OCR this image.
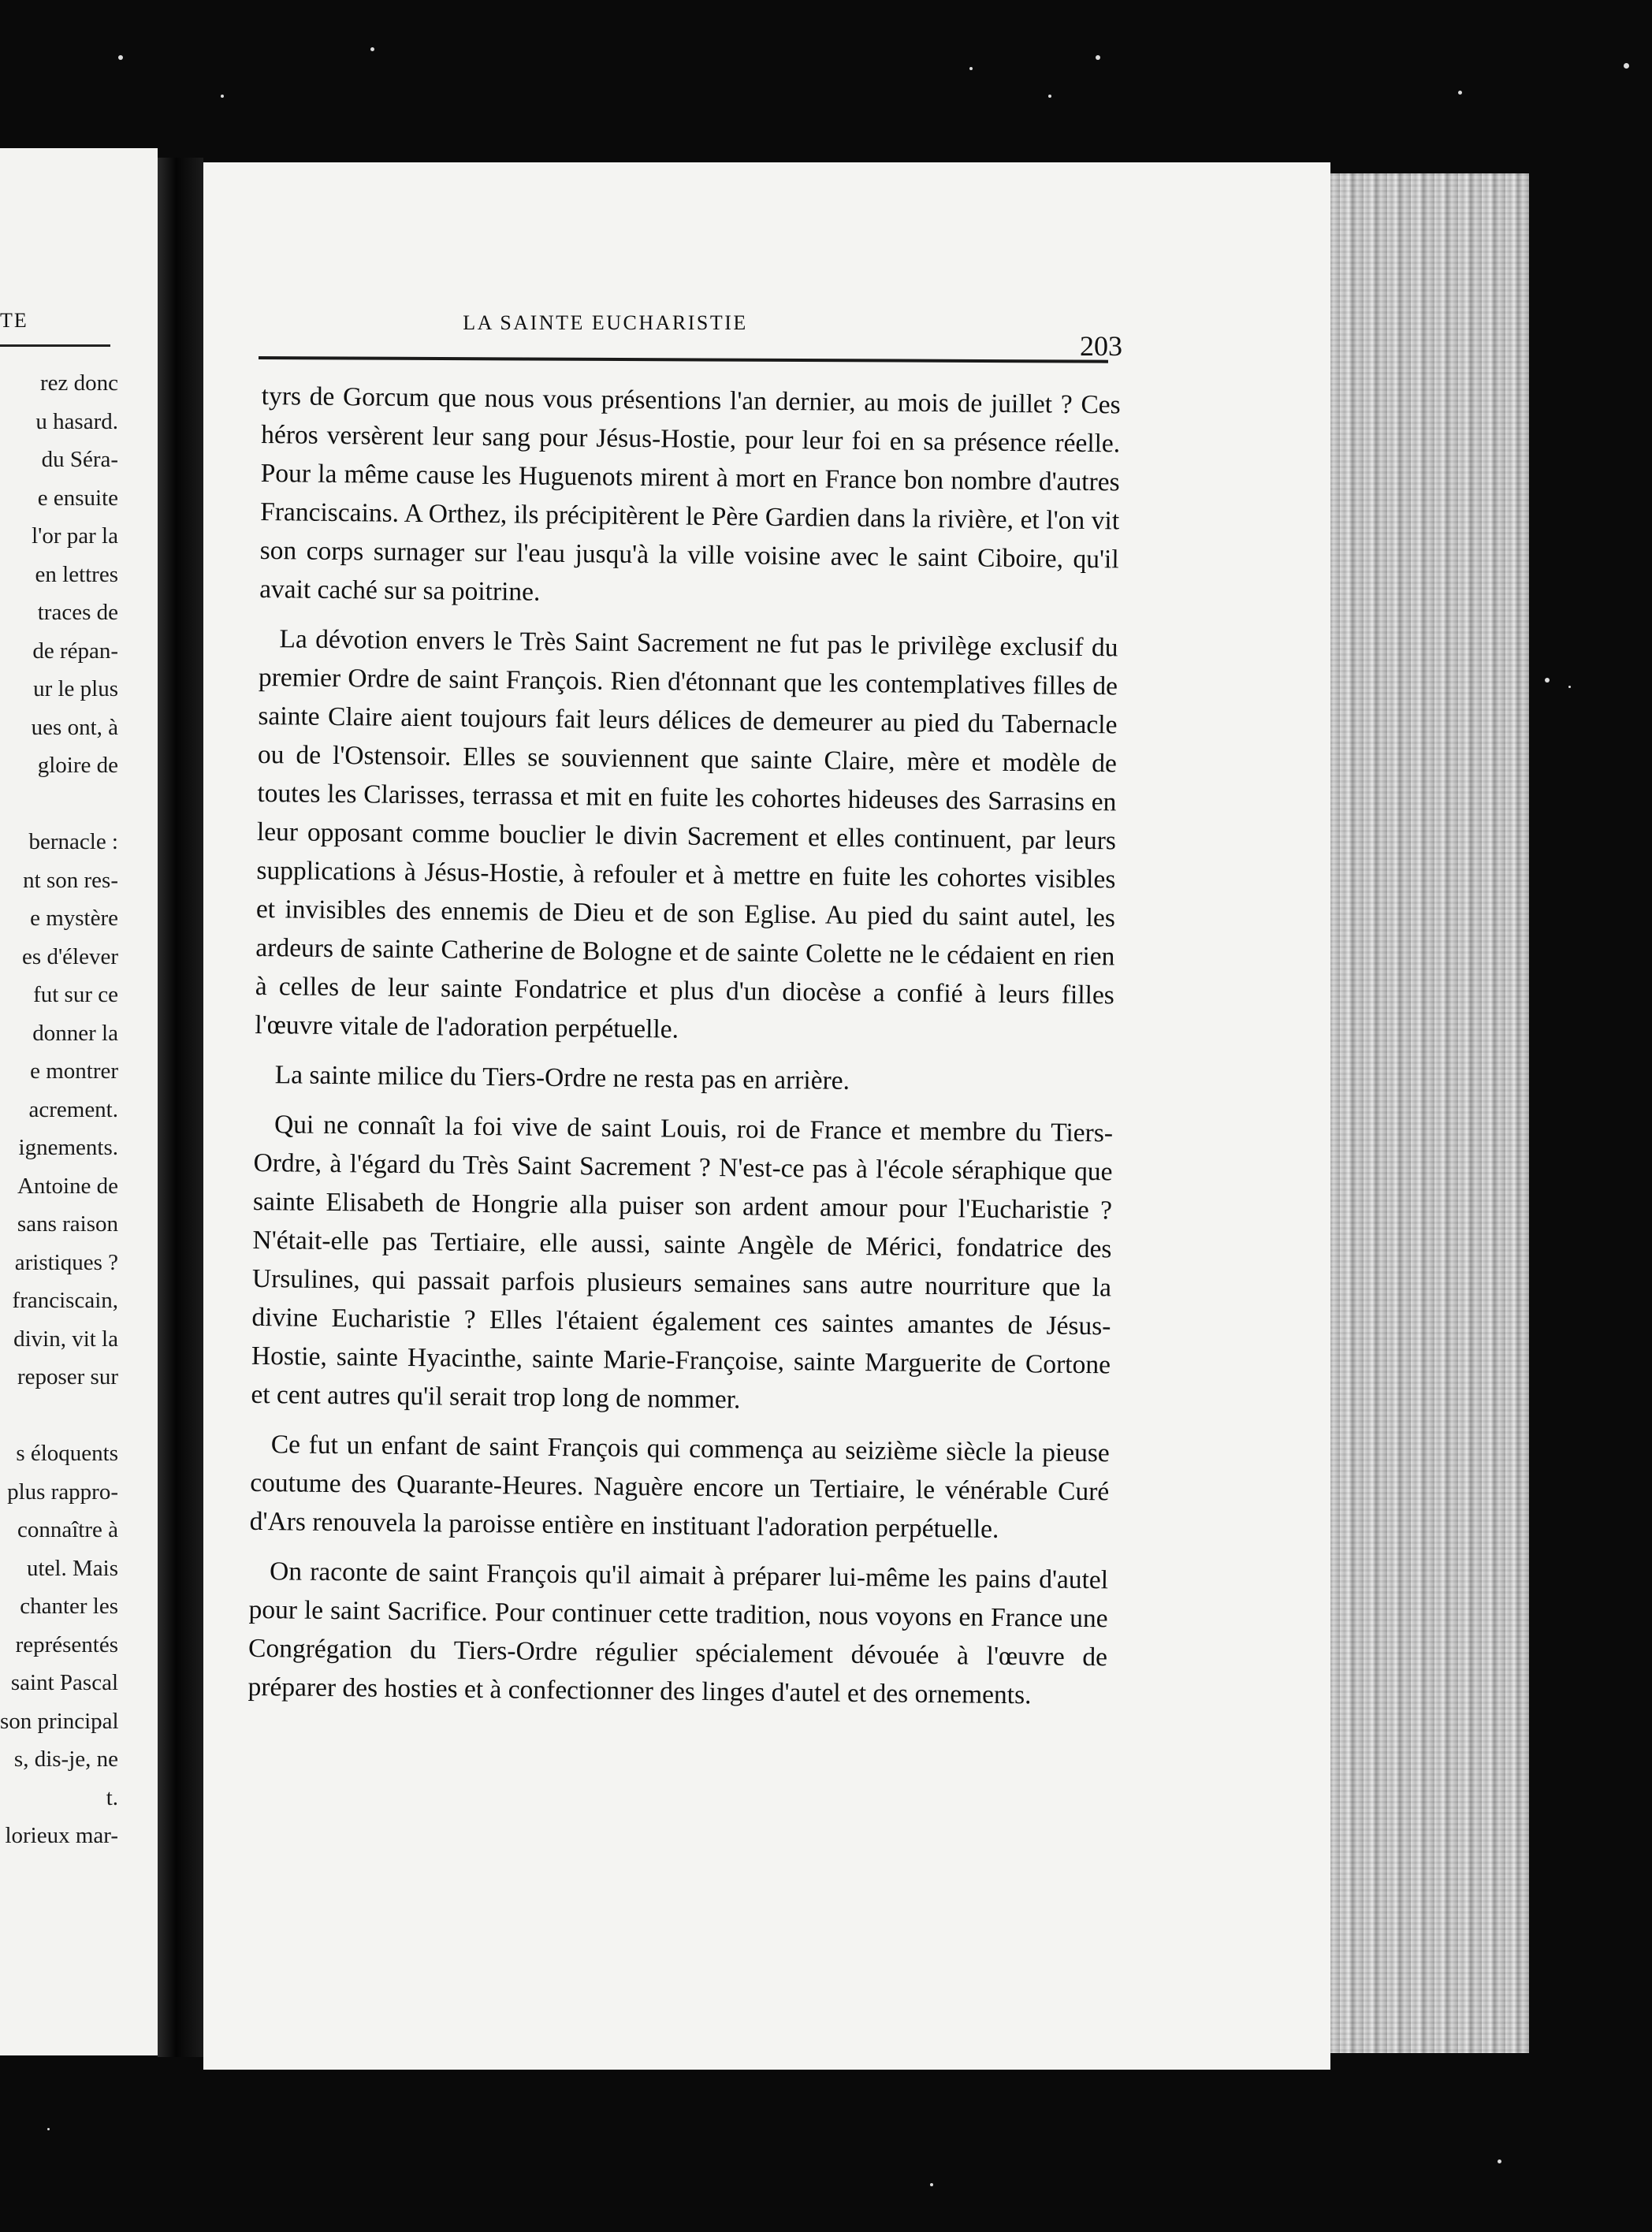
TE
rez donc
u hasard.
du Séra-
e ensuite
l'or par la
en lettres
traces de
de répan-
ur le plus
ues ont, à
gloire de
bernacle :
nt son res-
e mystère
es d'élever
fut sur ce
donner la
e montrer
acrement.
ignements.
Antoine de
sans raison
aristiques ?
franciscain,
divin, vit la
reposer sur
s éloquents
plus rappro-
connaître à
utel. Mais
chanter les
représentés
saint Pascal
son principal
s, dis-je, ne
t.
lorieux mar-
LA SAINTE EUCHARISTIE
203

tyrs de Gorcum que nous vous présentions l'an dernier, au mois de juillet ? Ces héros versèrent leur sang pour Jésus-Hostie, pour leur foi en sa présence réelle. Pour la même cause les Huguenots mirent à mort en France bon nombre d'autres Franciscains. A Orthez, ils précipitèrent le Père Gardien dans la rivière, et l'on vit son corps surnager sur l'eau jusqu'à la ville voisine avec le saint Ciboire, qu'il avait caché sur sa poitrine.

La dévotion envers le Très Saint Sacrement ne fut pas le privilège exclusif du premier Ordre de saint François. Rien d'étonnant que les contemplatives filles de sainte Claire aient toujours fait leurs délices de demeurer au pied du Tabernacle ou de l'Ostensoir. Elles se souviennent que sainte Claire, mère et modèle de toutes les Clarisses, terrassa et mit en fuite les cohortes hideuses des Sarrasins en leur opposant comme bouclier le divin Sacrement et elles continuent, par leurs supplications à Jésus-Hostie, à refouler et à mettre en fuite les cohortes visibles et invisibles des ennemis de Dieu et de son Eglise. Au pied du saint autel, les ardeurs de sainte Catherine de Bologne et de sainte Colette ne le cédaient en rien à celles de leur sainte Fondatrice et plus d'un diocèse a confié à leurs filles l'œuvre vitale de l'adoration perpétuelle.

La sainte milice du Tiers-Ordre ne resta pas en arrière.

Qui ne connaît la foi vive de saint Louis, roi de France et membre du Tiers-Ordre, à l'égard du Très Saint Sacrement ? N'est-ce pas à l'école séraphique que sainte Elisabeth de Hongrie alla puiser son ardent amour pour l'Eucharistie ? N'était-elle pas Tertiaire, elle aussi, sainte Angèle de Mérici, fondatrice des Ursulines, qui passait parfois plusieurs semaines sans autre nourriture que la divine Eucharistie ? Elles l'étaient également ces saintes amantes de Jésus-Hostie, sainte Hyacinthe, sainte Marie-Françoise, sainte Marguerite de Cortone et cent autres qu'il serait trop long de nommer.

Ce fut un enfant de saint François qui commença au seizième siècle la pieuse coutume des Quarante-Heures. Naguère encore un Tertiaire, le vénérable Curé d'Ars renouvela la paroisse entière en instituant l'adoration perpétuelle.

On raconte de saint François qu'il aimait à préparer lui-même les pains d'autel pour le saint Sacrifice. Pour continuer cette tradition, nous voyons en France une Congrégation du Tiers-Ordre régulier spécialement dévouée à l'œuvre de préparer des hosties et à confectionner des linges d'autel et des ornements.
